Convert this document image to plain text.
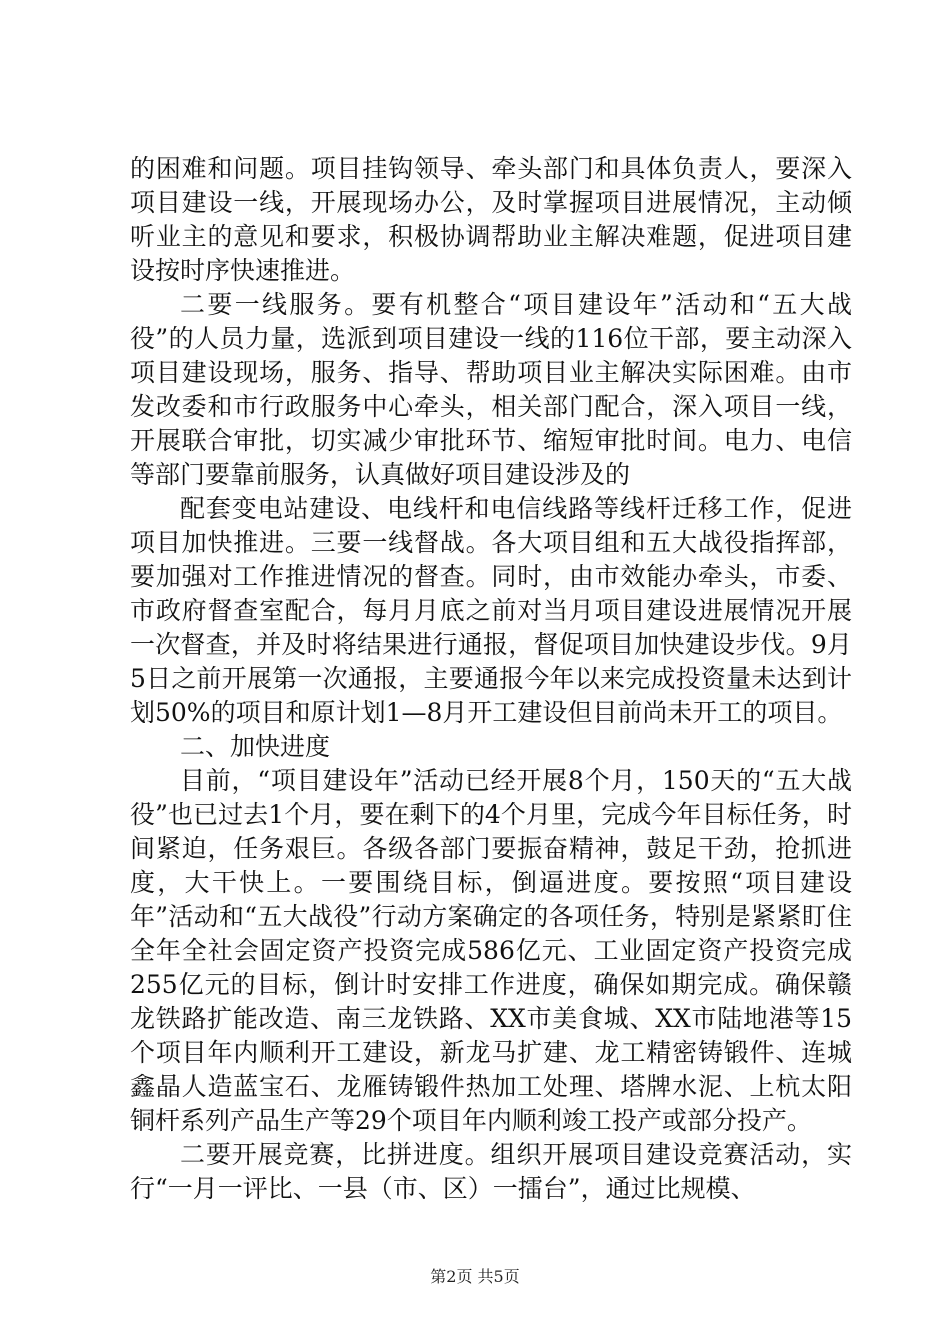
的困难和问题。项目挂钩领导、牵头部门和具体负责人，要深入项目建设一线，开展现场办公，及时掌握项目进展情况，主动倾听业主的意见和要求，积极协调帮助业主解决难题，促进项目建设按时序快速推进。

二要一线服务。要有机整合“项目建设年”活动和“五大战役”的人员力量，选派到项目建设一线的116位干部，要主动深入项目建设现场，服务、指导、帮助项目业主解决实际困难。由市发改委和市行政服务中心牵头，相关部门配合，深入项目一线，开展联合审批，切实减少审批环节、缩短审批时间。电力、电信等部门要靠前服务，认真做好项目建设涉及的

配套变电站建设、电线杆和电信线路等线杆迁移工作，促进项目加快推进。三要一线督战。各大项目组和五大战役指挥部，要加强对工作推进情况的督查。同时，由市效能办牵头，市委、市政府督查室配合，每月月底之前对当月项目建设进展情况开展一次督查，并及时将结果进行通报，督促项目加快建设步伐。9月5日之前开展第一次通报，主要通报今年以来完成投资量未达到计划50%的项目和原计划1—8月开工建设但目前尚未开工的项目。

二、加快进度

目前，“项目建设年”活动已经开展8个月，150天的“五大战役”也已过去1个月，要在剩下的4个月里，完成今年目标任务，时间紧迫，任务艰巨。各级各部门要振奋精神，鼓足干劲，抢抓进度，大干快上。一要围绕目标，倒逼进度。要按照“项目建设年”活动和“五大战役”行动方案确定的各项任务，特别是紧紧盯住全年全社会固定资产投资完成586亿元、工业固定资产投资完成255亿元的目标，倒计时安排工作进度，确保如期完成。确保赣龙铁路扩能改造、南三龙铁路、XX市美食城、XX市陆地港等15个项目年内顺利开工建设，新龙马扩建、龙工精密铸锻件、连城鑫晶人造蓝宝石、龙雁铸锻件热加工处理、塔牌水泥、上杭太阳铜杆系列产品生产等29个项目年内顺利竣工投产或部分投产。

二要开展竞赛，比拼进度。组织开展项目建设竞赛活动，实行“一月一评比、一县（市、区）一擂台”，通过比规模、

第2页 共5页
